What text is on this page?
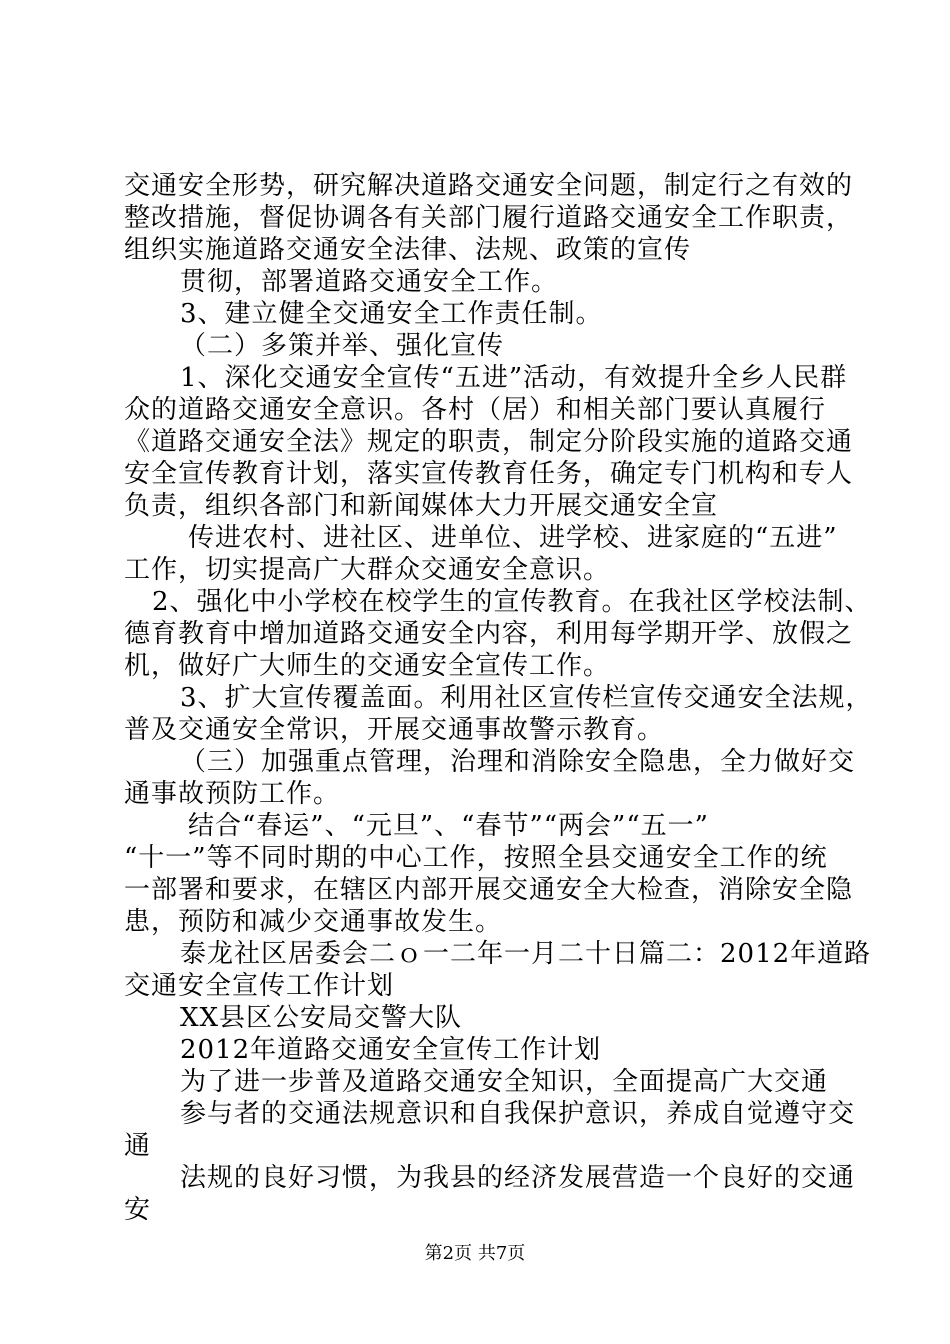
交通安全形势，研究解决道路交通安全问题，制定行之有效的
整改措施，督促协调各有关部门履行道路交通安全工作职责，
组织实施道路交通安全法律、法规、政策的宣传
贯彻，部署道路交通安全工作。
3、建立健全交通安全工作责任制。
（二）多策并举、强化宣传
1、深化交通安全宣传“五进”活动，有效提升全乡人民群
众的道路交通安全意识。各村（居）和相关部门要认真履行
《道路交通安全法》规定的职责，制定分阶段实施的道路交通
安全宣传教育计划，落实宣传教育任务，确定专门机构和专人
负责，组织各部门和新闻媒体大力开展交通安全宣
传进农村、进社区、进单位、进学校、进家庭的“五进”
工作，切实提高广大群众交通安全意识。
2、强化中小学校在校学生的宣传教育。在我社区学校法制、
德育教育中增加道路交通安全内容，利用每学期开学、放假之
机，做好广大师生的交通安全宣传工作。
3、扩大宣传覆盖面。利用社区宣传栏宣传交通安全法规，
普及交通安全常识，开展交通事故警示教育。
（三）加强重点管理，治理和消除安全隐患，全力做好交
通事故预防工作。
结合“春运”、“元旦”、“春节”“两会”“五一”
“十一”等不同时期的中心工作，按照全县交通安全工作的统
一部署和要求，在辖区内部开展交通安全大检查，消除安全隐
患，预防和减少交通事故发生。
泰龙社区居委会二ｏ一二年一月二十日篇二：2012年道路
交通安全宣传工作计划
XX县区公安局交警大队
2012年道路交通安全宣传工作计划
为了进一步普及道路交通安全知识，全面提高广大交通
参与者的交通法规意识和自我保护意识，养成自觉遵守交
通
法规的良好习惯，为我县的经济发展营造一个良好的交通
安
第2页 共7页
